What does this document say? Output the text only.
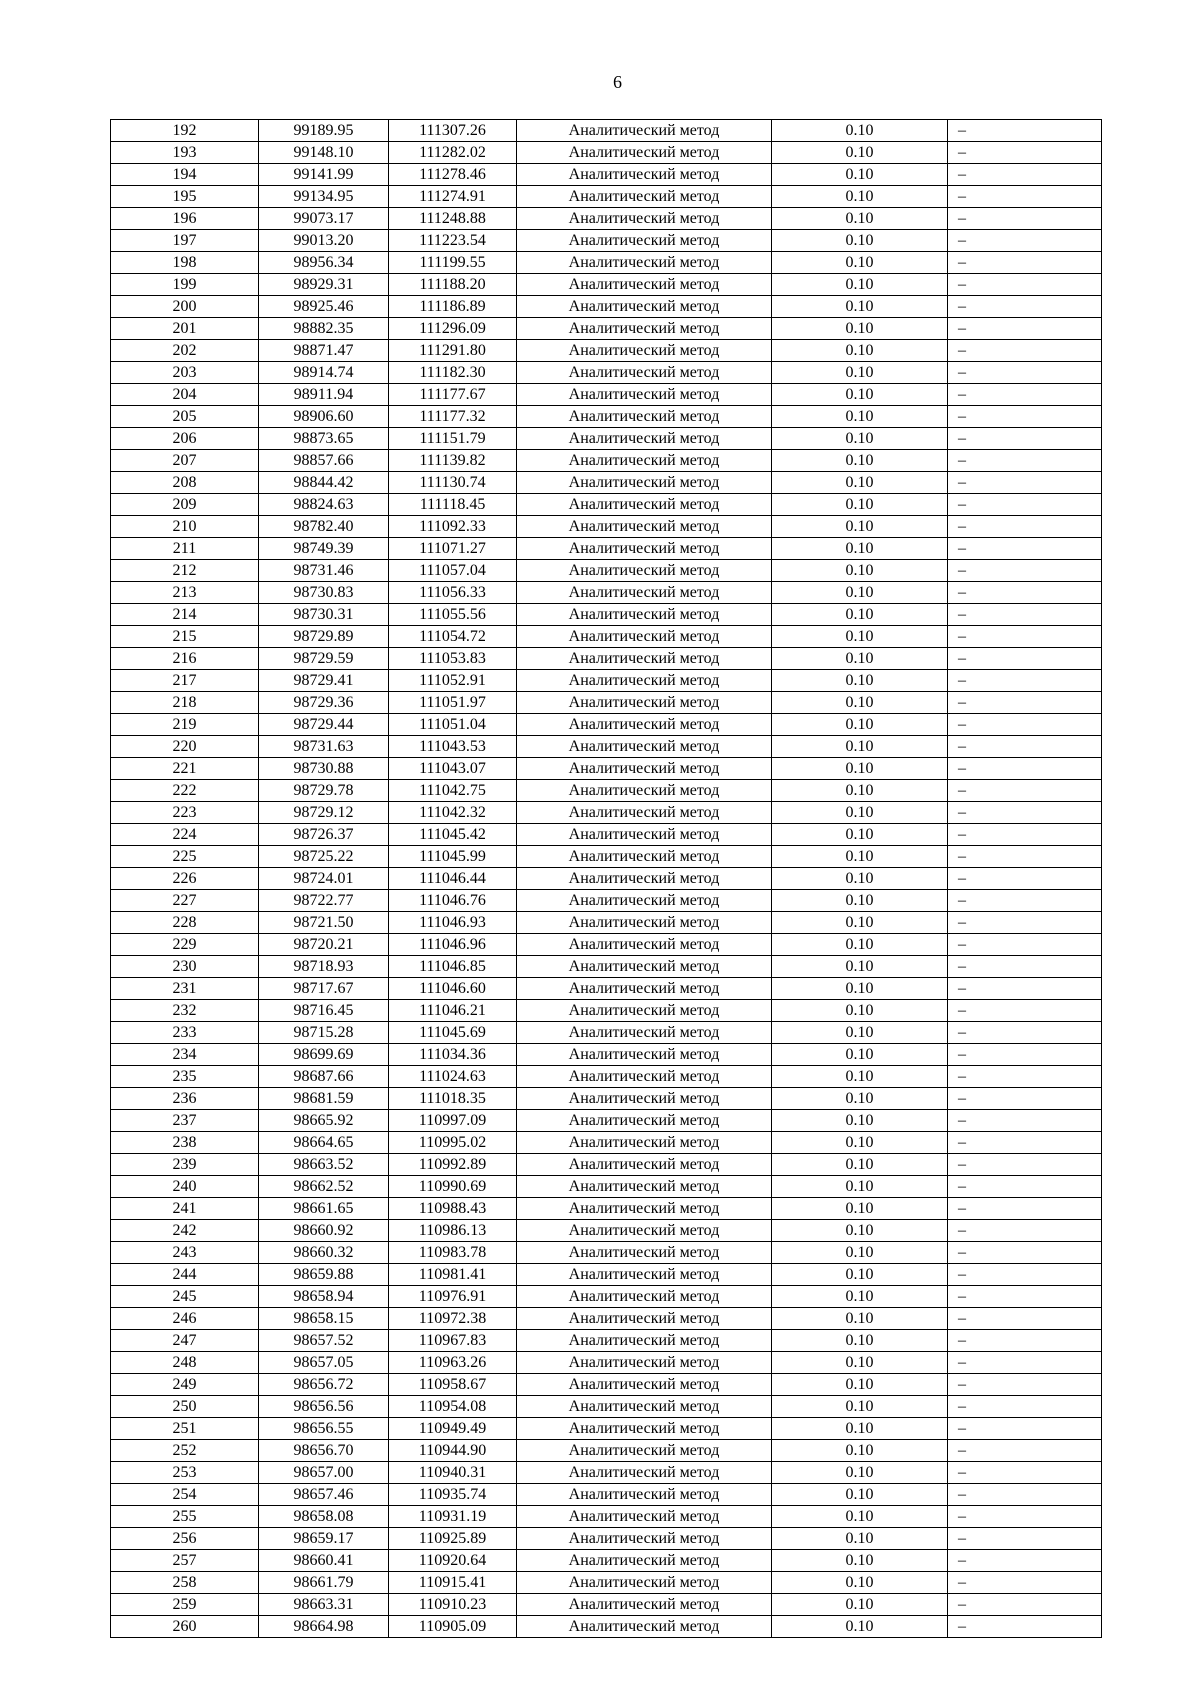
6
192	99189.95	111307.26	Аналитический метод	0.10	–
193	99148.10	111282.02	Аналитический метод	0.10	–
194	99141.99	111278.46	Аналитический метод	0.10	–
195	99134.95	111274.91	Аналитический метод	0.10	–
196	99073.17	111248.88	Аналитический метод	0.10	–
197	99013.20	111223.54	Аналитический метод	0.10	–
198	98956.34	111199.55	Аналитический метод	0.10	–
199	98929.31	111188.20	Аналитический метод	0.10	–
200	98925.46	111186.89	Аналитический метод	0.10	–
201	98882.35	111296.09	Аналитический метод	0.10	–
202	98871.47	111291.80	Аналитический метод	0.10	–
203	98914.74	111182.30	Аналитический метод	0.10	–
204	98911.94	111177.67	Аналитический метод	0.10	–
205	98906.60	111177.32	Аналитический метод	0.10	–
206	98873.65	111151.79	Аналитический метод	0.10	–
207	98857.66	111139.82	Аналитический метод	0.10	–
208	98844.42	111130.74	Аналитический метод	0.10	–
209	98824.63	111118.45	Аналитический метод	0.10	–
210	98782.40	111092.33	Аналитический метод	0.10	–
211	98749.39	111071.27	Аналитический метод	0.10	–
212	98731.46	111057.04	Аналитический метод	0.10	–
213	98730.83	111056.33	Аналитический метод	0.10	–
214	98730.31	111055.56	Аналитический метод	0.10	–
215	98729.89	111054.72	Аналитический метод	0.10	–
216	98729.59	111053.83	Аналитический метод	0.10	–
217	98729.41	111052.91	Аналитический метод	0.10	–
218	98729.36	111051.97	Аналитический метод	0.10	–
219	98729.44	111051.04	Аналитический метод	0.10	–
220	98731.63	111043.53	Аналитический метод	0.10	–
221	98730.88	111043.07	Аналитический метод	0.10	–
222	98729.78	111042.75	Аналитический метод	0.10	–
223	98729.12	111042.32	Аналитический метод	0.10	–
224	98726.37	111045.42	Аналитический метод	0.10	–
225	98725.22	111045.99	Аналитический метод	0.10	–
226	98724.01	111046.44	Аналитический метод	0.10	–
227	98722.77	111046.76	Аналитический метод	0.10	–
228	98721.50	111046.93	Аналитический метод	0.10	–
229	98720.21	111046.96	Аналитический метод	0.10	–
230	98718.93	111046.85	Аналитический метод	0.10	–
231	98717.67	111046.60	Аналитический метод	0.10	–
232	98716.45	111046.21	Аналитический метод	0.10	–
233	98715.28	111045.69	Аналитический метод	0.10	–
234	98699.69	111034.36	Аналитический метод	0.10	–
235	98687.66	111024.63	Аналитический метод	0.10	–
236	98681.59	111018.35	Аналитический метод	0.10	–
237	98665.92	110997.09	Аналитический метод	0.10	–
238	98664.65	110995.02	Аналитический метод	0.10	–
239	98663.52	110992.89	Аналитический метод	0.10	–
240	98662.52	110990.69	Аналитический метод	0.10	–
241	98661.65	110988.43	Аналитический метод	0.10	–
242	98660.92	110986.13	Аналитический метод	0.10	–
243	98660.32	110983.78	Аналитический метод	0.10	–
244	98659.88	110981.41	Аналитический метод	0.10	–
245	98658.94	110976.91	Аналитический метод	0.10	–
246	98658.15	110972.38	Аналитический метод	0.10	–
247	98657.52	110967.83	Аналитический метод	0.10	–
248	98657.05	110963.26	Аналитический метод	0.10	–
249	98656.72	110958.67	Аналитический метод	0.10	–
250	98656.56	110954.08	Аналитический метод	0.10	–
251	98656.55	110949.49	Аналитический метод	0.10	–
252	98656.70	110944.90	Аналитический метод	0.10	–
253	98657.00	110940.31	Аналитический метод	0.10	–
254	98657.46	110935.74	Аналитический метод	0.10	–
255	98658.08	110931.19	Аналитический метод	0.10	–
256	98659.17	110925.89	Аналитический метод	0.10	–
257	98660.41	110920.64	Аналитический метод	0.10	–
258	98661.79	110915.41	Аналитический метод	0.10	–
259	98663.31	110910.23	Аналитический метод	0.10	–
260	98664.98	110905.09	Аналитический метод	0.10	–
